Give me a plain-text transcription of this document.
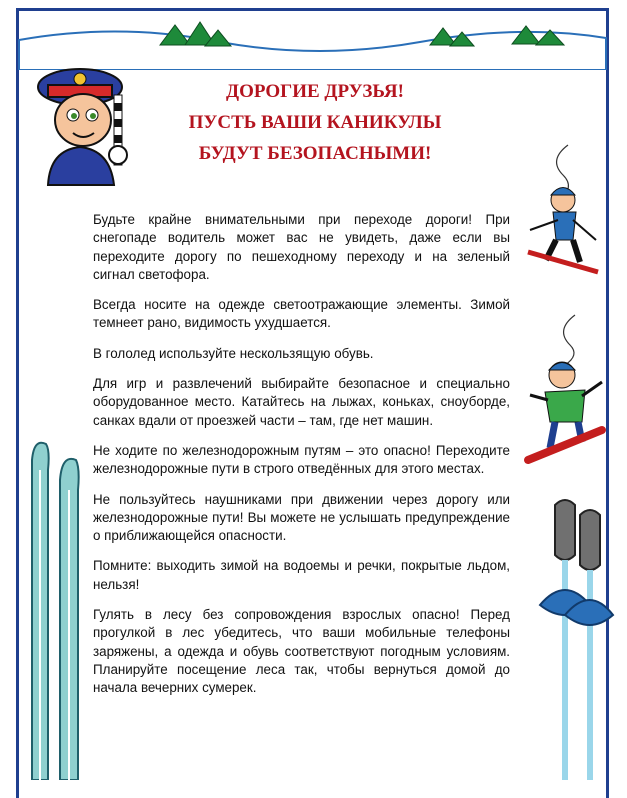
ДОРОГИЕ ДРУЗЬЯ!
ПУСТЬ ВАШИ КАНИКУЛЫ
БУДУТ БЕЗОПАСНЫМИ!

Будьте крайне внимательными при переходе дороги! При снегопаде водитель может вас не увидеть, даже если вы переходите дорогу по пешеходному переходу и на зеленый сигнал светофора.

Всегда носите на одежде светоотражающие элементы. Зимой темнеет рано, видимость ухудшается.

В гололед используйте нескользящую обувь.

Для игр и развлечений выбирайте безопасное и специально оборудованное место. Катайтесь на лыжах, коньках, сноуборде, санках вдали от проезжей части – там, где нет машин.

Не ходите по железнодорожным путям – это опасно! Переходите железнодорожные пути в строго отведённых для этого местах.

Не пользуйтесь наушниками при движении через дорогу или железнодорожные пути! Вы можете не услышать предупреждение о приближающейся опасности.

Помните: выходить зимой на водоемы и речки, покрытые льдом, нельзя!

Гулять в лесу без сопровождения взрослых опасно! Перед прогулкой в лес убедитесь, что ваши мобильные телефоны заряжены, а одежда и обувь соответствуют погодным условиям. Планируйте посещение леса так, чтобы вернуться домой до начала вечерних сумерек.
